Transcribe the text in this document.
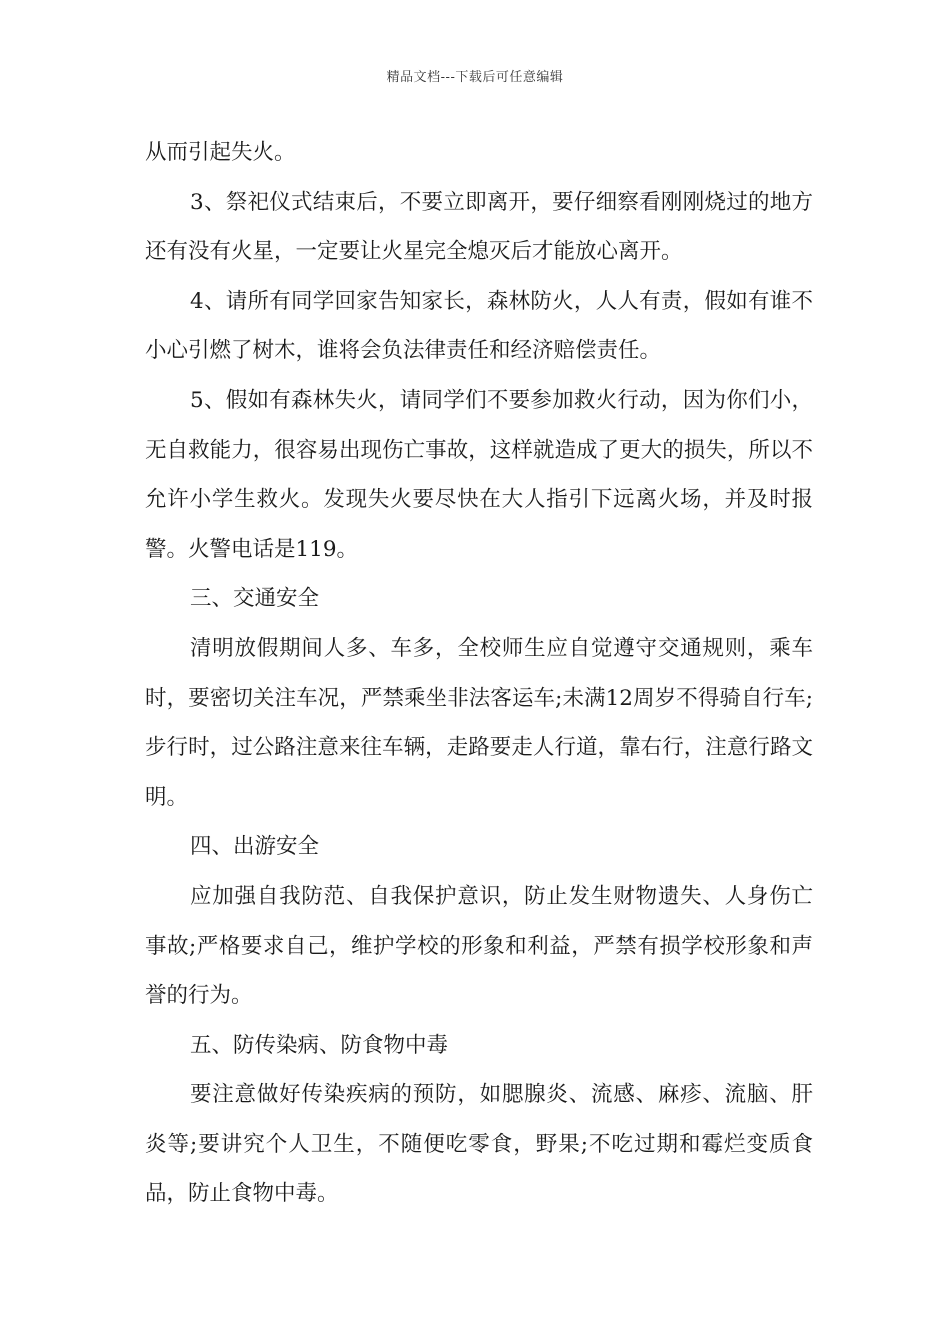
精品文档---下载后可任意编辑

从而引起失火。

3、祭祀仪式结束后，不要立即离开，要仔细察看刚刚烧过的地方还有没有火星，一定要让火星完全熄灭后才能放心离开。

4、请所有同学回家告知家长，森林防火，人人有责，假如有谁不小心引燃了树木，谁将会负法律责任和经济赔偿责任。

5、假如有森林失火，请同学们不要参加救火行动，因为你们小，无自救能力，很容易出现伤亡事故，这样就造成了更大的损失，所以不允许小学生救火。发现失火要尽快在大人指引下远离火场，并及时报警。火警电话是119。

三、交通安全

清明放假期间人多、车多，全校师生应自觉遵守交通规则，乘车时，要密切关注车况，严禁乘坐非法客运车;未满12周岁不得骑自行车;步行时，过公路注意来往车辆，走路要走人行道，靠右行，注意行路文明。

四、出游安全

应加强自我防范、自我保护意识，防止发生财物遗失、人身伤亡事故;严格要求自己，维护学校的形象和利益，严禁有损学校形象和声誉的行为。

五、防传染病、防食物中毒

要注意做好传染疾病的预防，如腮腺炎、流感、麻疹、流脑、肝炎等;要讲究个人卫生，不随便吃零食，野果;不吃过期和霉烂变质食品，防止食物中毒。
